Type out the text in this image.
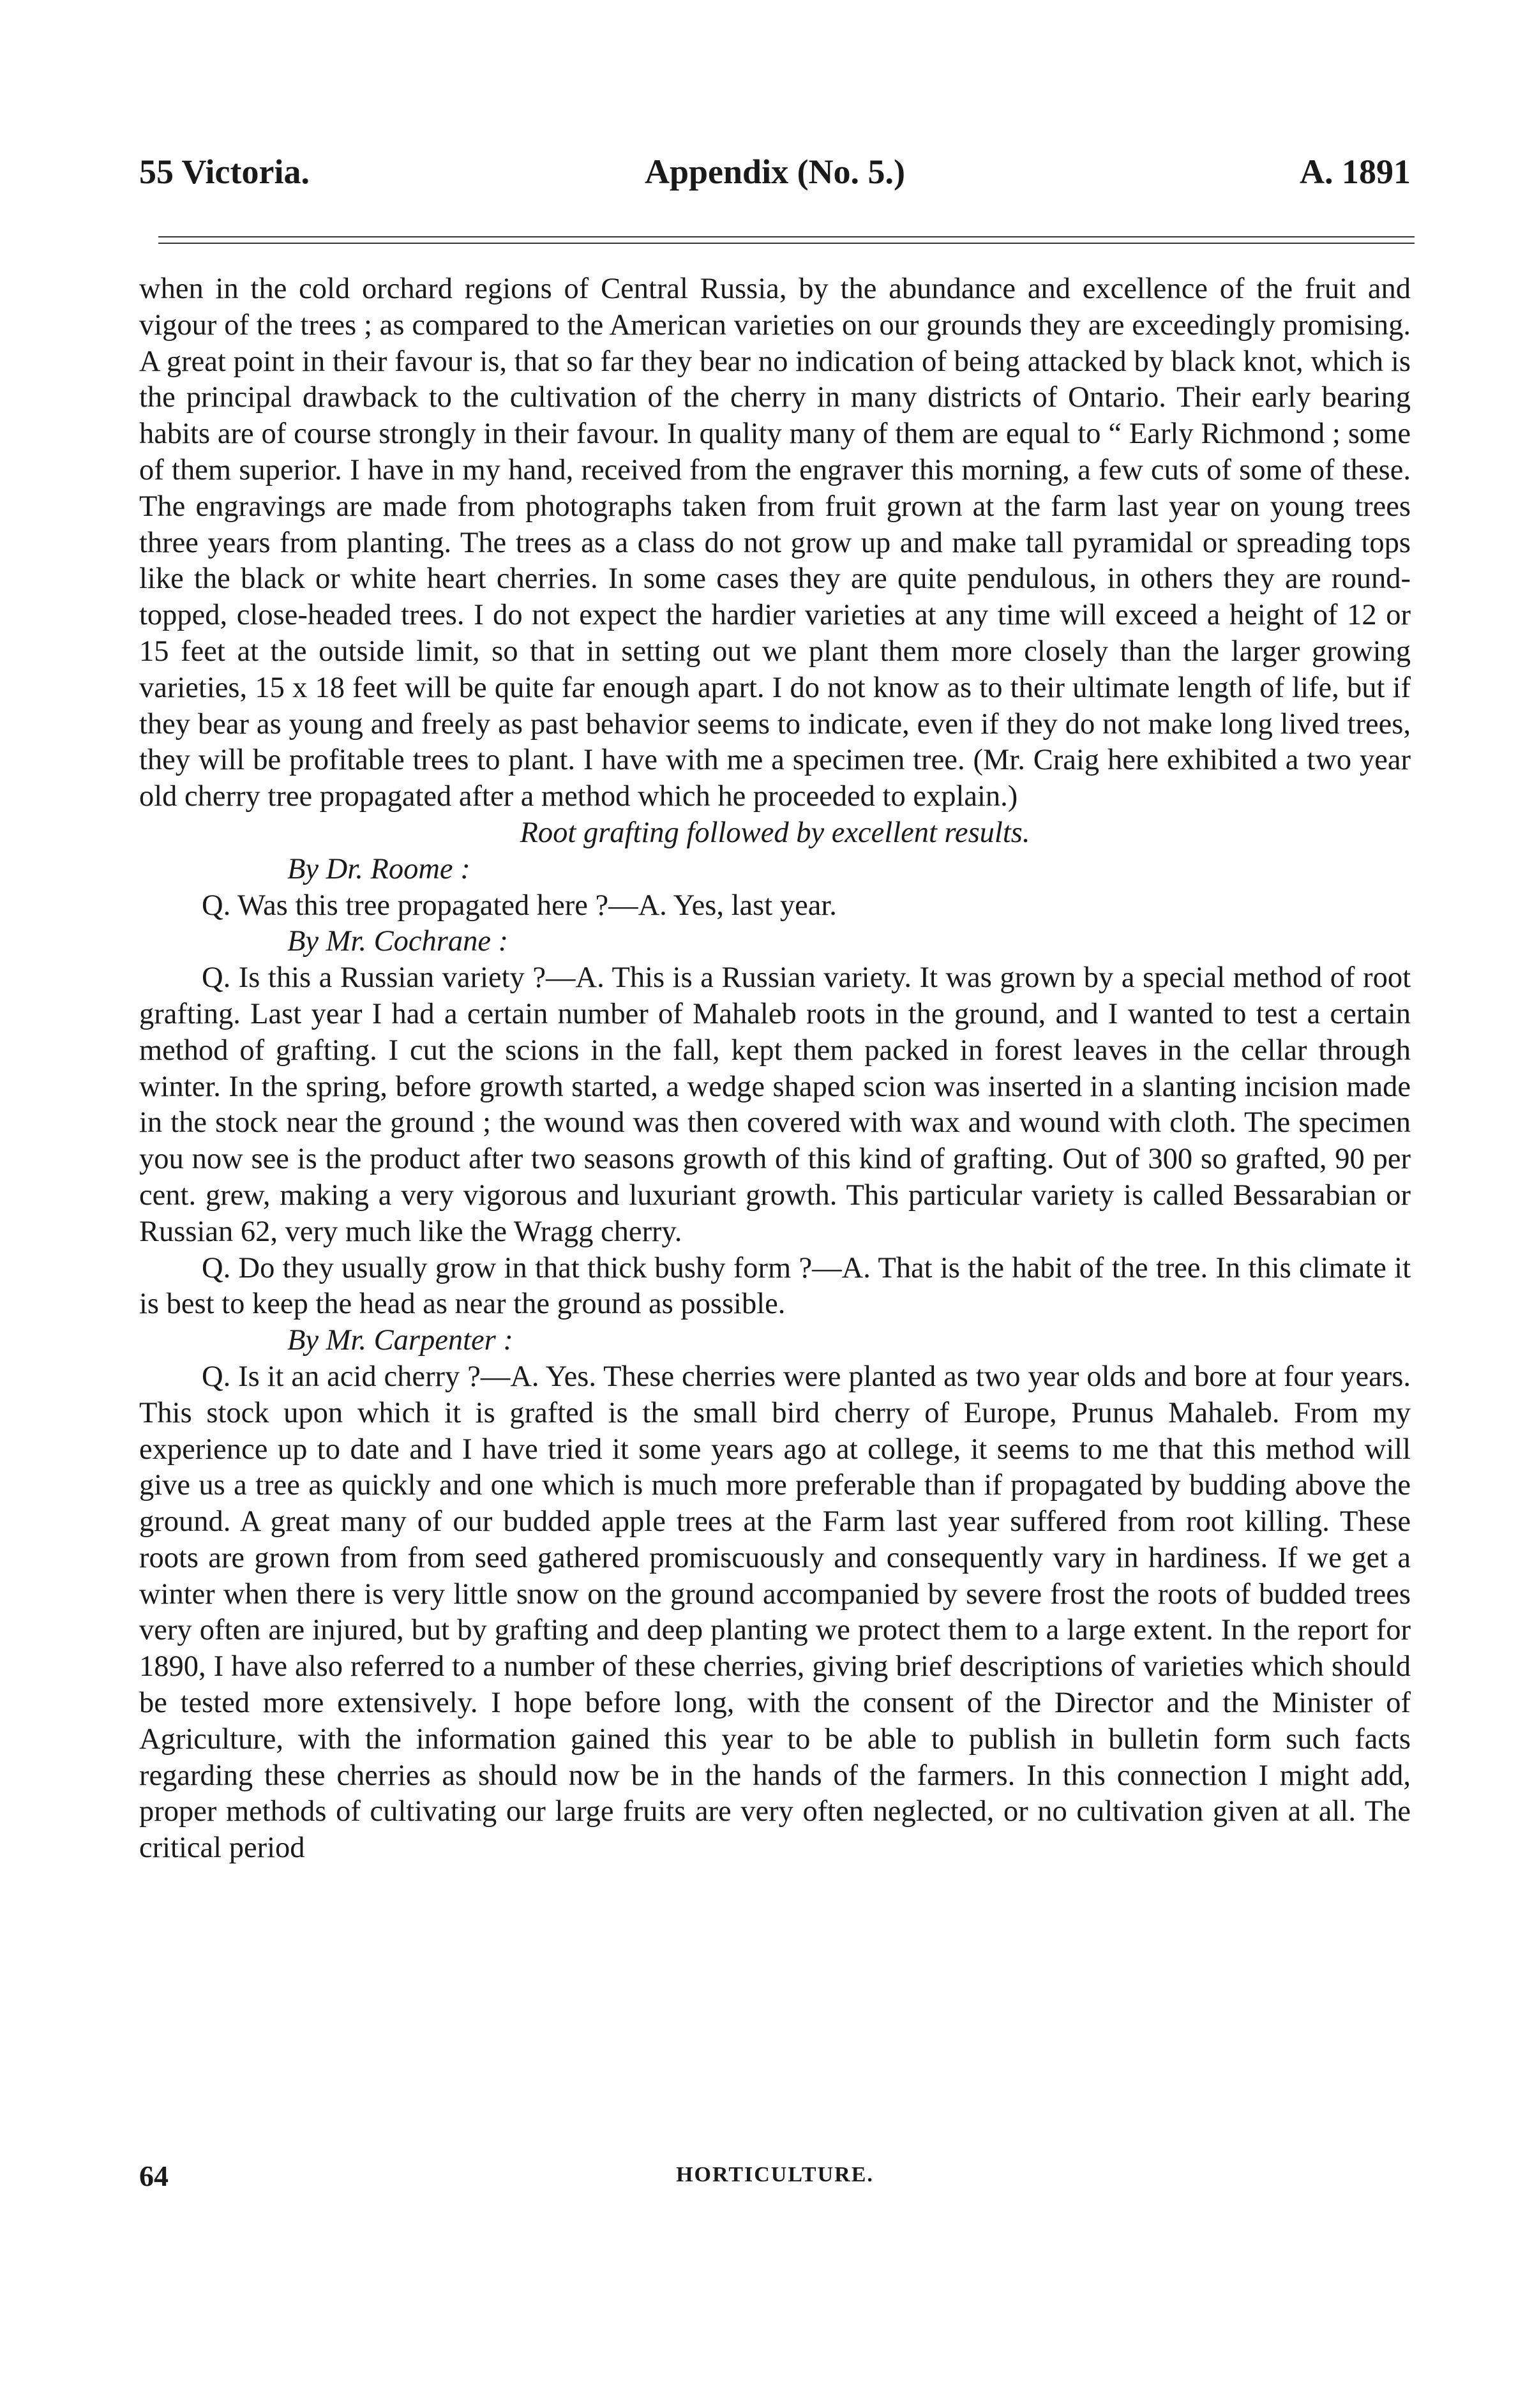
55 Victoria.	Appendix (No. 5.)	A. 1891

when in the cold orchard regions of Central Russia, by the abundance and excellence of the fruit and vigour of the trees ; as compared to the American varieties on our grounds they are exceedingly promising. A great point in their favour is, that so far they bear no indication of being attacked by black knot, which is the principal drawback to the cultivation of the cherry in many districts of Ontario. Their early bearing habits are of course strongly in their favour. In quality many of them are equal to “ Early Richmond ; some of them superior. I have in my hand, received from the engraver this morning, a few cuts of some of these. The engravings are made from photographs taken from fruit grown at the farm last year on young trees three years from planting. The trees as a class do not grow up and make tall pyramidal or spreading tops like the black or white heart cherries. In some cases they are quite pendulous, in others they are round-topped, close-headed trees. I do not expect the hardier varieties at any time will exceed a height of 12 or 15 feet at the outside limit, so that in setting out we plant them more closely than the larger growing varieties, 15 x 18 feet will be quite far enough apart. I do not know as to their ultimate length of life, but if they bear as young and freely as past behavior seems to indicate, even if they do not make long lived trees, they will be profitable trees to plant. I have with me a specimen tree. (Mr. Craig here exhibited a two year old cherry tree propagated after a method which he proceeded to explain.)

Root grafting followed by excellent results.

By Dr. Roome :

Q. Was this tree propagated here ?—A. Yes, last year.

By Mr. Cochrane :

Q. Is this a Russian variety ?—A. This is a Russian variety. It was grown by a special method of root grafting. Last year I had a certain number of Mahaleb roots in the ground, and I wanted to test a certain method of grafting. I cut the scions in the fall, kept them packed in forest leaves in the cellar through winter. In the spring, before growth started, a wedge shaped scion was inserted in a slanting incision made in the stock near the ground ; the wound was then covered with wax and wound with cloth. The specimen you now see is the product after two seasons growth of this kind of grafting. Out of 300 so grafted, 90 per cent. grew, making a very vigorous and luxuriant growth. This particular variety is called Bessarabian or Russian 62, very much like the Wragg cherry.

Q. Do they usually grow in that thick bushy form ?—A. That is the habit of the tree. In this climate it is best to keep the head as near the ground as possible.

By Mr. Carpenter :

Q. Is it an acid cherry ?—A. Yes. These cherries were planted as two year olds and bore at four years. This stock upon which it is grafted is the small bird cherry of Europe, Prunus Mahaleb. From my experience up to date and I have tried it some years ago at college, it seems to me that this method will give us a tree as quickly and one which is much more preferable than if propagated by budding above the ground. A great many of our budded apple trees at the Farm last year suffered from root killing. These roots are grown from from seed gathered promiscuously and consequently vary in hardiness. If we get a winter when there is very little snow on the ground accompanied by severe frost the roots of budded trees very often are injured, but by grafting and deep planting we protect them to a large extent. In the report for 1890, I have also referred to a number of these cherries, giving brief descriptions of varieties which should be tested more extensively. I hope before long, with the consent of the Director and the Minister of Agriculture, with the information gained this year to be able to publish in bulletin form such facts regarding these cherries as should now be in the hands of the farmers. In this connection I might add, proper methods of cultivating our large fruits are very often neglected, or no cultivation given at all. The critical period

64	HORTICULTURE.
